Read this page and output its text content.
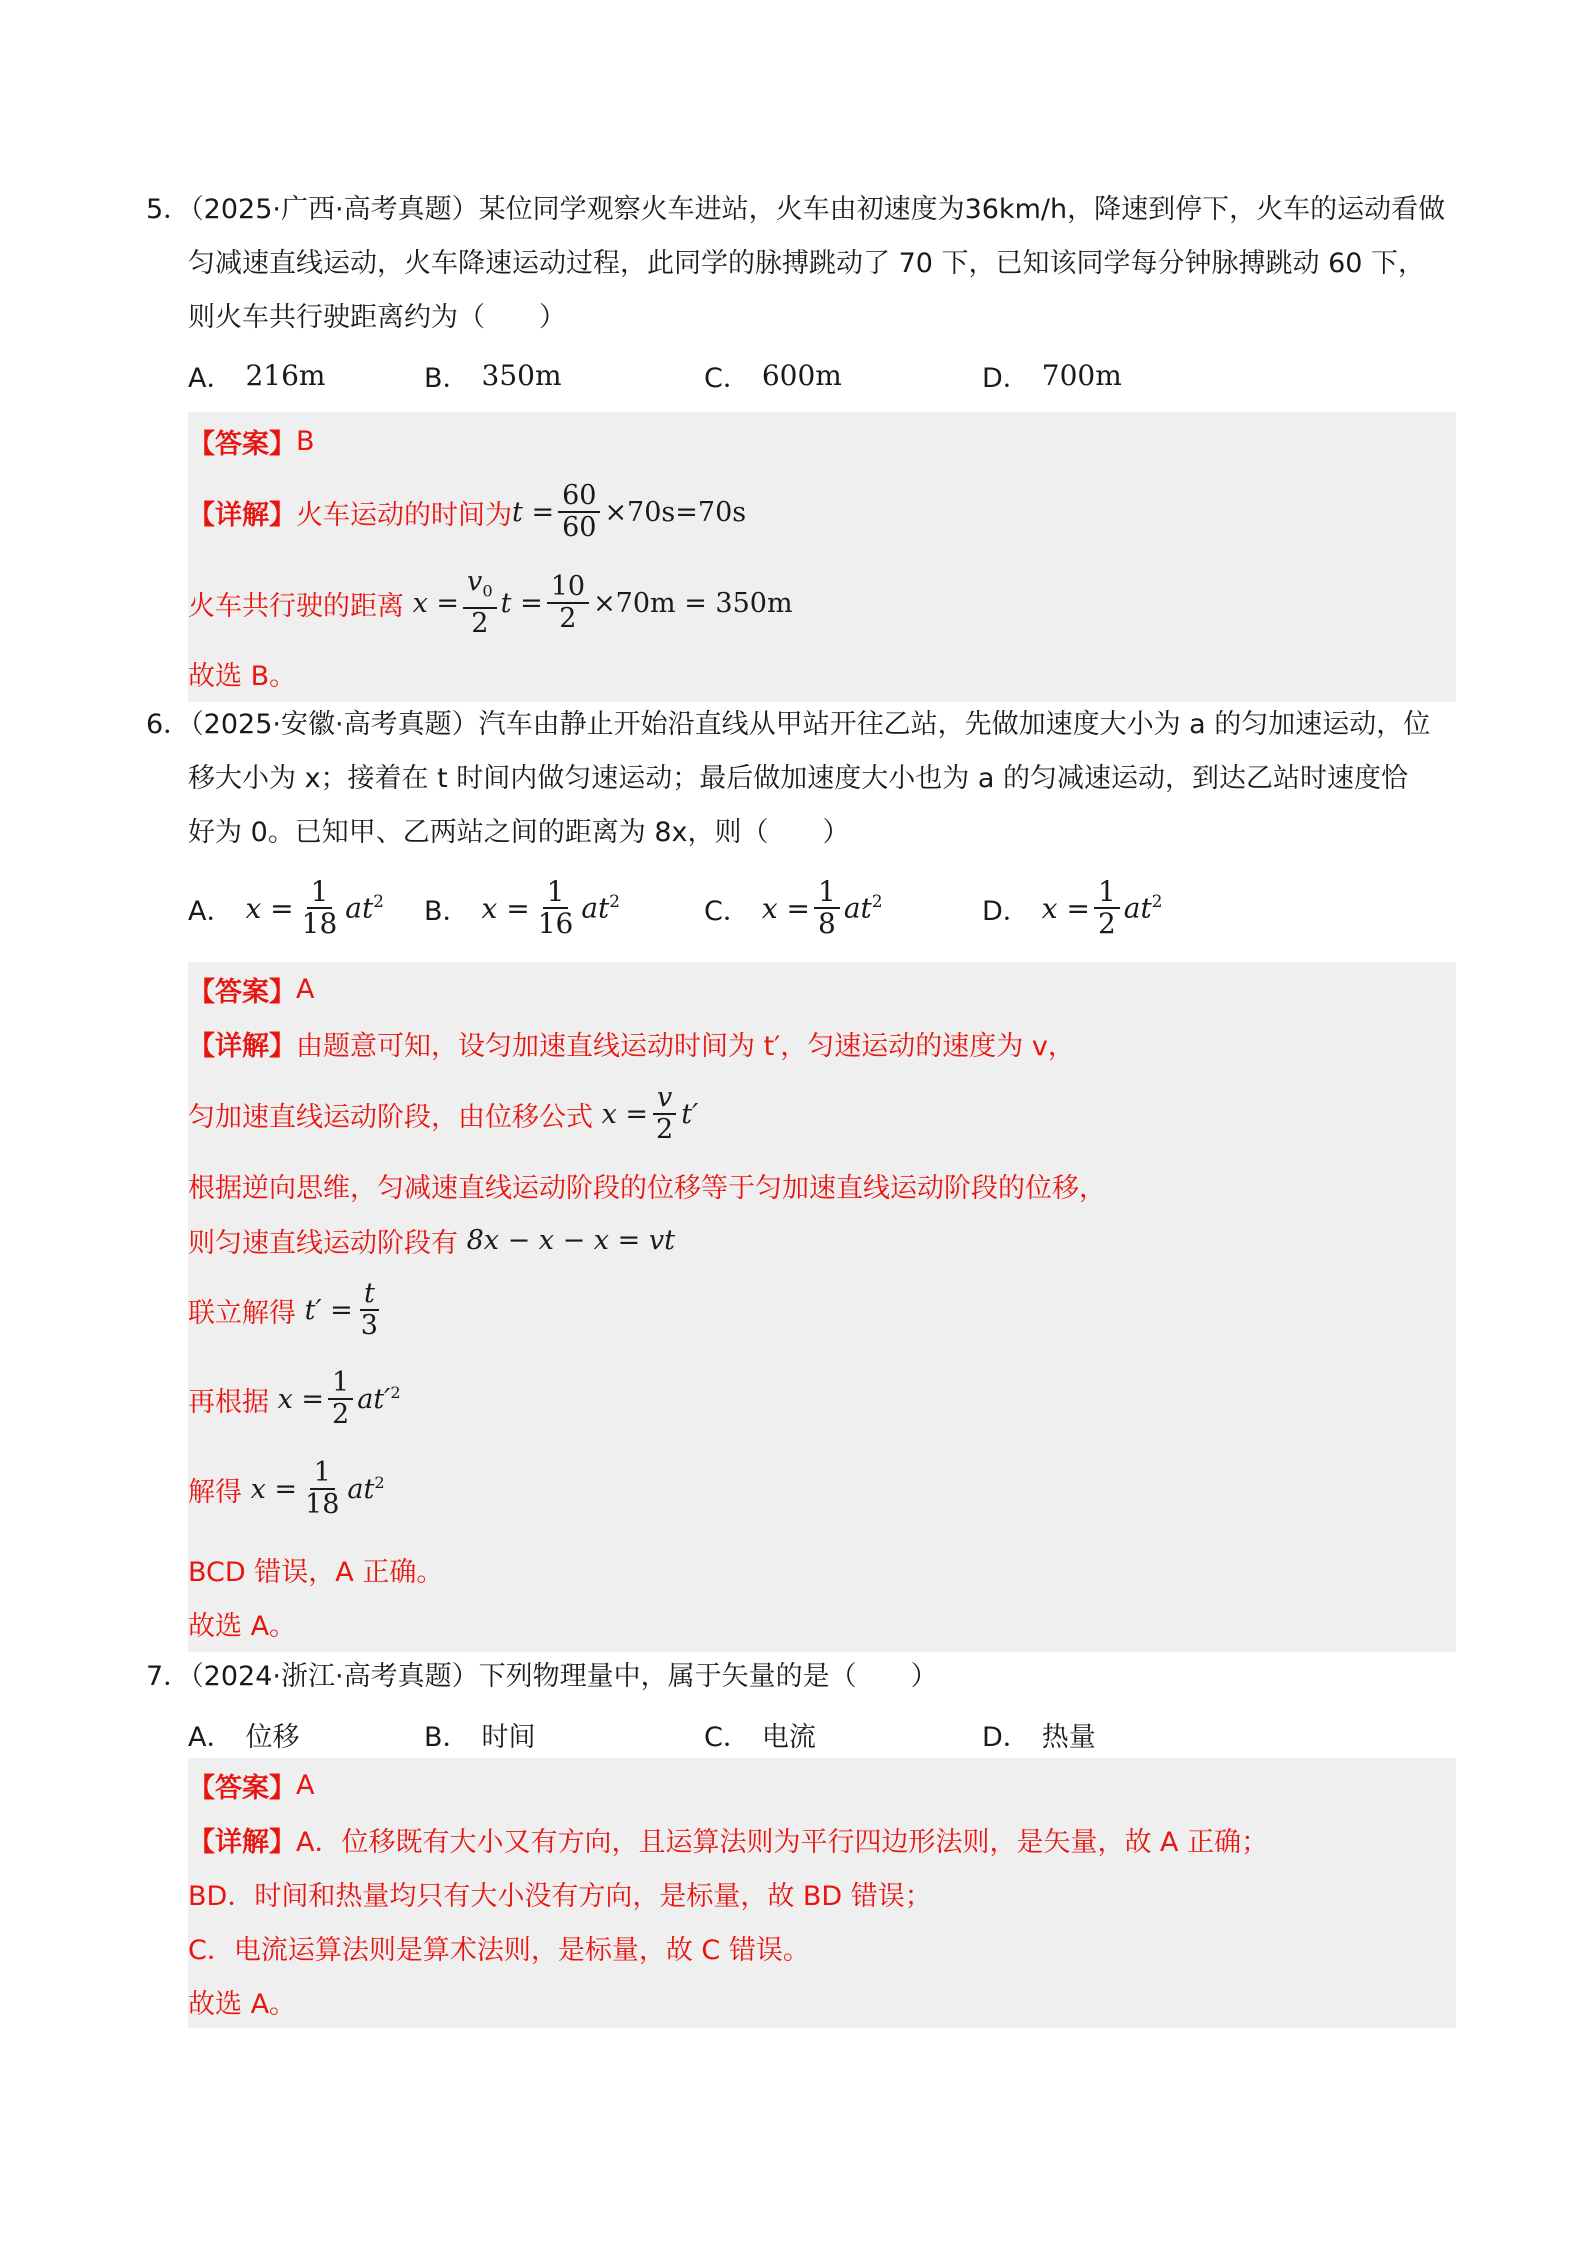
5．（2025·广西·高考真题）某位同学观察火车进站，火车由初速度为36km/h，降速到停下，火车的运动看做
匀减速直线运动，火车降速运动过程，此同学的脉搏跳动了 70 下，已知该同学每分钟脉搏跳动 60 下，
则火车共行驶距离约为（　　）
A． 216m	B． 350m	C． 600m	D． 700m
【答案】 B
【详解】 火车运动的时间为 $t = \frac{60}{60} \times 70s=70s$
火车共行驶的距离
$x = \frac{v_0}{2}$ $t = \frac{10}{2} \times 70m = 350m$
故选 B。
6．（2025·安徽·高考真题）汽车由静止开始沿直线从甲站开往乙站，先做加速度大小为 a 的匀加速运动，位
移大小为 x；接着在 t 时间内做匀速运动；最后做加速度大小也为 a 的匀减速运动，到达乙站时速度恰
好为 0。已知甲、乙两站之间的距离为 8x，则（　　）
A． $x = \frac{1}{18} at^2$ B． $x = \frac{1}{16} at^2$	C． $x = \frac{1}{8} at^2$	D． $x = \frac{1}{2} at^2$
【答案】 A
【详解】 由题意可知，设匀加速直线运动时间为 t′，匀速运动的速度为 v，
匀加速直线运动阶段，由位移公式
$x = \frac{v}{2} t'$
根据逆向思维，匀减速直线运动阶段的位移等于匀加速直线运动阶段的位移，
则匀速直线运动阶段有
8x − x − x = vt
联立解得
$t' = \frac{t}{3}$
再根据
$x = \frac{1}{2} at'^2$
解得
$x = \frac{1}{18} at^2$
BCD 错误，A 正确。
故选 A。
7．（2024·浙江·高考真题）下列物理量中，属于矢量的是（　　）
A． 位移	B． 时间	C． 电流	D． 热量
【答案】 A
【详解】 A．位移既有大小又有方向，且运算法则为平行四边形法则，是矢量，故 A 正确；
BD．时间和热量均只有大小没有方向，是标量，故 BD 错误；
C．电流运算法则是算术法则，是标量，故 C 错误。
故选 A。
